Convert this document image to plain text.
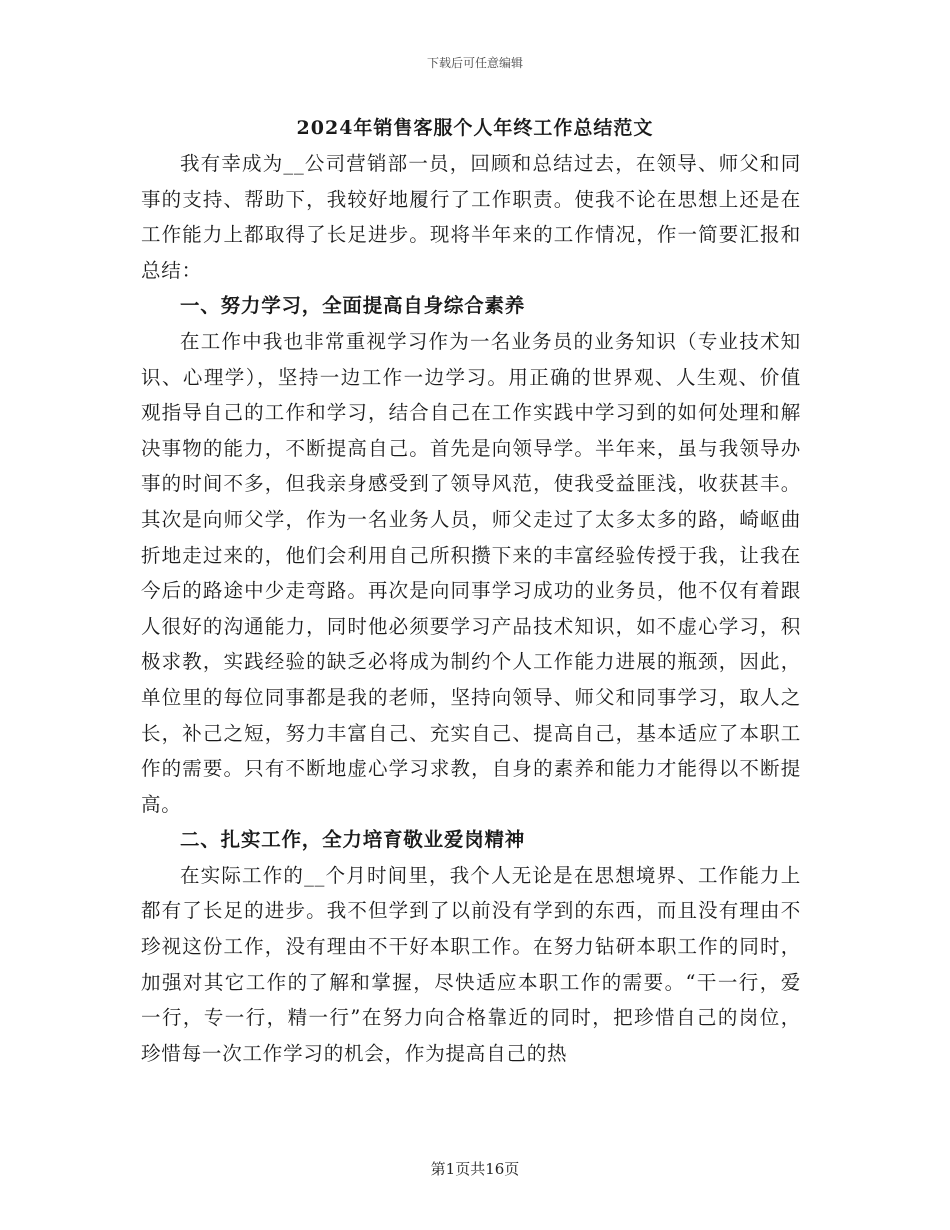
下载后可任意编辑
2024年销售客服个人年终工作总结范文

我有幸成为__公司营销部一员，回顾和总结过去，在领导、师父和同事的支持、帮助下，我较好地履行了工作职责。使我不论在思想上还是在工作能力上都取得了长足进步。现将半年来的工作情况，作一简要汇报和总结：

一、努力学习，全面提高自身综合素养

在工作中我也非常重视学习作为一名业务员的业务知识（专业技术知识、心理学），坚持一边工作一边学习。用正确的世界观、人生观、价值观指导自己的工作和学习，结合自己在工作实践中学习到的如何处理和解决事物的能力，不断提高自己。首先是向领导学。半年来，虽与我领导办事的时间不多，但我亲身感受到了领导风范，使我受益匪浅，收获甚丰。其次是向师父学，作为一名业务人员，师父走过了太多太多的路，崎岖曲折地走过来的，他们会利用自己所积攒下来的丰富经验传授于我，让我在今后的路途中少走弯路。再次是向同事学习成功的业务员，他不仅有着跟人很好的沟通能力，同时他必须要学习产品技术知识，如不虚心学习，积极求教，实践经验的缺乏必将成为制约个人工作能力进展的瓶颈，因此，单位里的每位同事都是我的老师，坚持向领导、师父和同事学习，取人之长，补己之短，努力丰富自己、充实自己、提高自己，基本适应了本职工作的需要。只有不断地虚心学习求教，自身的素养和能力才能得以不断提高。

二、扎实工作，全力培育敬业爱岗精神

在实际工作的__个月时间里，我个人无论是在思想境界、工作能力上都有了长足的进步。我不但学到了以前没有学到的东西，而且没有理由不珍视这份工作，没有理由不干好本职工作。在努力钻研本职工作的同时，加强对其它工作的了解和掌握，尽快适应本职工作的需要。“干一行，爱一行，专一行，精一行”在努力向合格靠近的同时，把珍惜自己的岗位，珍惜每一次工作学习的机会，作为提高自己的热

第1页共16页
